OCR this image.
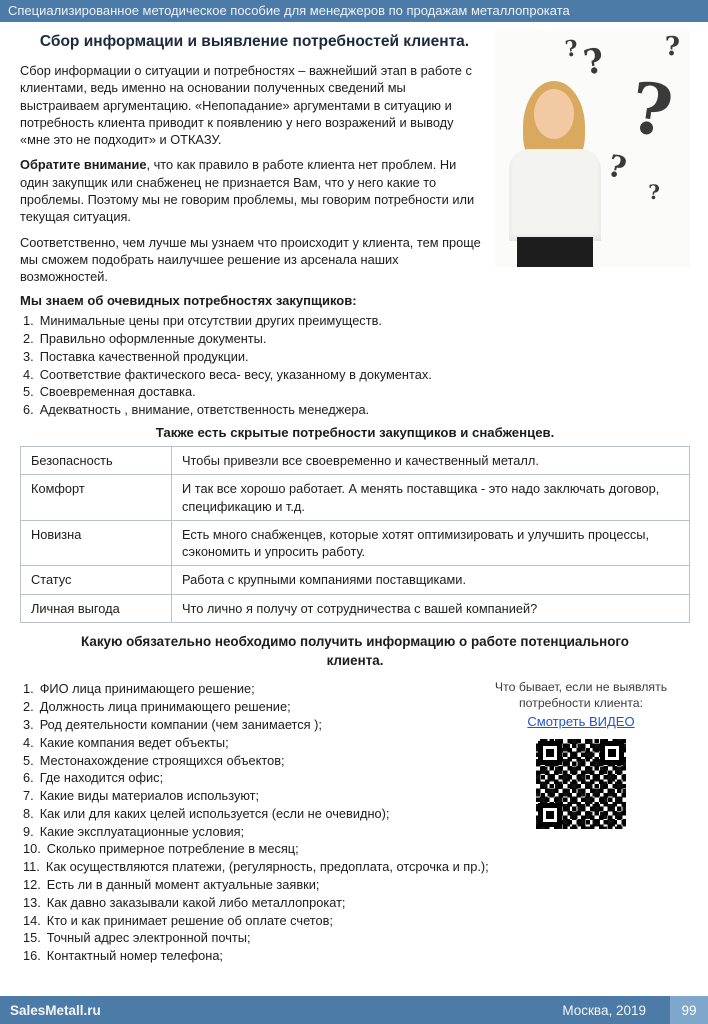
Специализированное методическое пособие для менеджеров по продажам металлопроката
?
? ?
?
?
?
Сбор информации и выявление потребностей клиента.

Сбор информации о ситуации и потребностях – важнейший этап в работе с клиентами, ведь именно на основании полученных сведений мы выстраиваем аргументацию. «Непопадание» аргументами в ситуацию и потребность клиента приводит к появлению у него возражений и выводу «мне это не подходит» и ОТКАЗУ.

Обратите внимание, что как правило в работе клиента нет проблем. Ни один закупщик или снабженец не признается Вам, что у него какие то проблемы. Поэтому мы не говорим проблемы, мы говорим потребности или текущая ситуация.

Соответственно, чем лучше мы узнаем что происходит у клиента, тем проще мы сможем подобрать наилучшее решение из арсенала наших возможностей.

Мы знаем об очевидных потребностях закупщиков:
Минимальные цены при отсутствии других преимуществ.
Правильно оформленные документы.
Поставка качественной продукции.
Соответствие фактического веса- весу, указанному в документах.
Своевременная доставка.
Адекватность , внимание, ответственность менеджера.
Также есть скрытые потребности закупщиков и снабженцев.
Безопасность	Чтобы привезли все своевременно и качественный металл.
Комфорт	И так все хорошо работает. А менять поставщика - это надо заключать договор, спецификацию и т.д.
Новизна	Есть много снабженцев, которые хотят оптимизировать и улучшить процессы, сэкономить и упросить работу.
Статус	Работа с крупными компаниями поставщиками.
Личная выгода	Что лично я получу от сотрудничества с вашей компанией?
Какую обязательно необходимо получить информацию о работе потенциального клиента.
Что бывает, если не выявлять потребности клиента:
Смотреть ВИДЕО
ФИО лица принимающего решение;
Должность лица принимающего решение;
Род деятельности компании (чем занимается );
Какие компания ведет объекты;
Местонахождение строящихся объектов;
Где находится офис;
Какие виды материалов используют;
Как или для каких целей используется (если не очевидно);
Какие эксплуатационные условия;
Сколько примерное потребление в месяц;
Как осуществляются платежи, (регулярность, предоплата, отсрочка и пр.);
Есть ли в данный момент актуальные заявки;
Как давно заказывали какой либо металлопрокат;
Кто и как принимает решение об оплате счетов;
Точный адрес электронной почты;
Контактный номер телефона;
SalesMetall.ru	Москва, 2019	99
